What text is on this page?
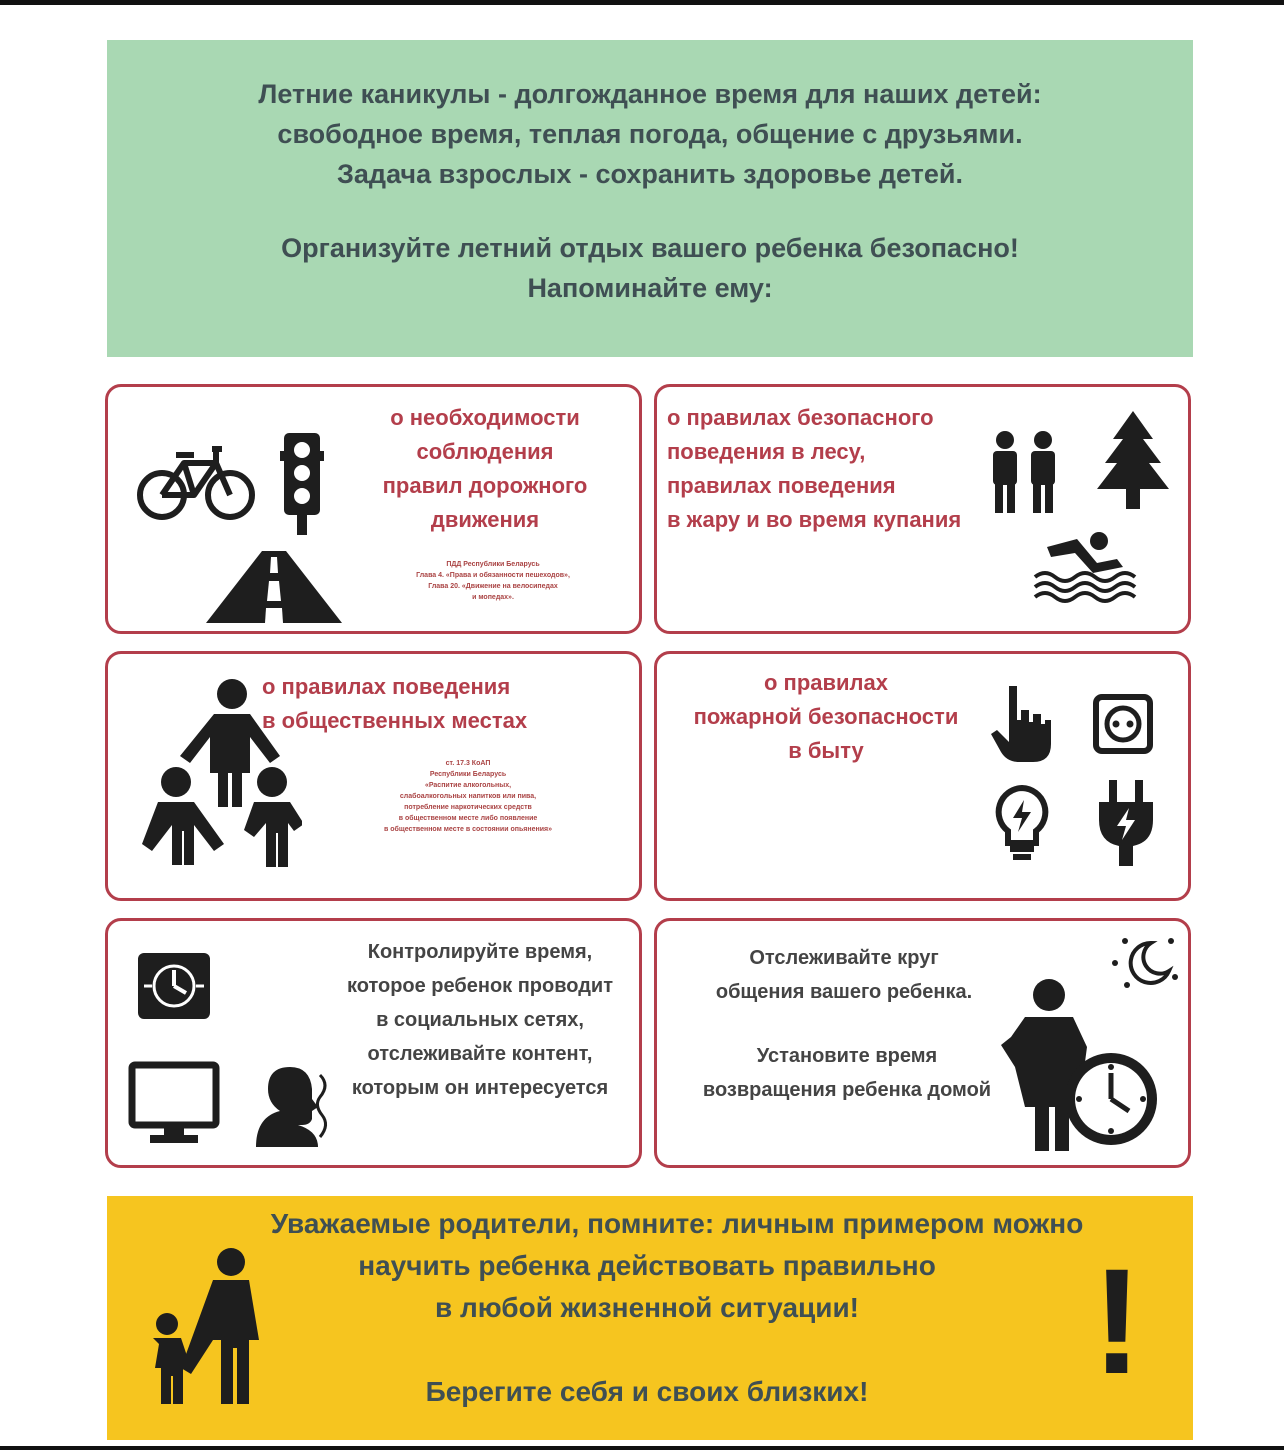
Летние каникулы - долгожданное время для наших детей:
свободное время, теплая погода, общение с друзьями.
Задача взрослых - сохранить здоровье детей.
Организуйте летний отдых вашего ребенка безопасно!
Напоминайте ему:
о необходимости
соблюдения
правил дорожного
движения
ПДД Республики Беларусь
Глава 4. «Права и обязанности пешеходов»,
Глава 20. «Движение на велосипедах
и мопедах».
о правилах безопасного
поведения в лесу,
правилах поведения
в жару и во время купания
о правилах поведения
в общественных местах
ст. 17.3 КоАП
Республики Беларусь
«Распитие алкогольных,
слабоалкогольных напитков или пива,
потребление наркотических средств
в общественном месте либо появление
в общественном месте в состоянии опьянения»
о правилах
пожарной безопасности
в быту
Контролируйте время,
которое ребенок проводит
в социальных сетях,
отслеживайте контент,
которым он интересуется
Отслеживайте круг
общения вашего ребенка.
Установите время
возвращения ребенка домой
Уважаемые родители, помните: личным примером можно
научить ребенка действовать правильно
в любой жизненной ситуации!
Берегите себя и своих близких!	!
